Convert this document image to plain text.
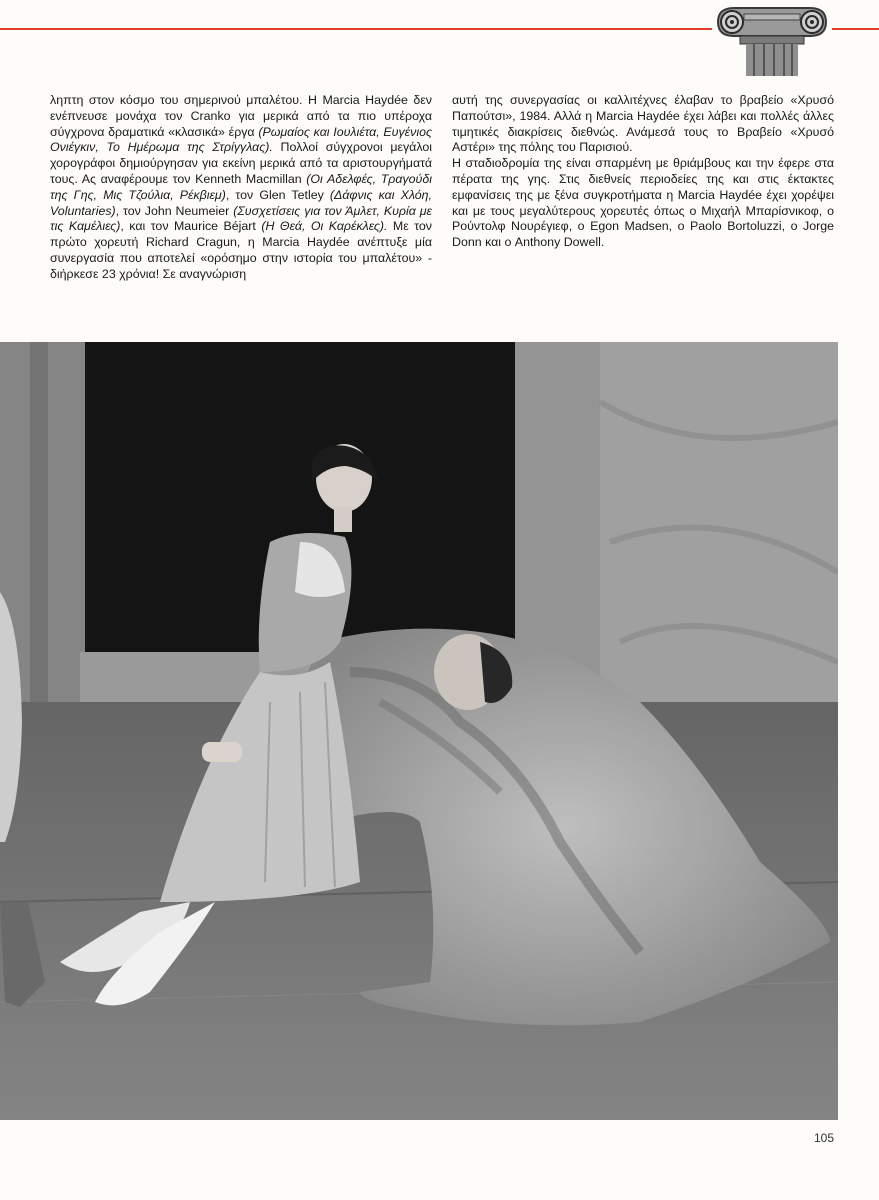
ληπτη στον κόσμο του σημερινού μπαλέτου. Η Marcia Haydée δεν ενέπνευσε μονάχα τον Cranko για μερικά από τα πιο υπέροχα σύγχρονα δραματικά «κλασικά» έργα (Ρωμαίος και Ιουλιέτα, Ευγένιος Ονιέγκιν, Το Ημέρωμα της Στρίγγλας). Πολλοί σύγχρονοι μεγάλοι χορογράφοι δημιούργησαν για εκείνη μερικά από τα αριστουργήματά τους. Ας αναφέρουμε τον Kenneth Macmillan (Οι Αδελφές, Τραγούδι της Γης, Μις Τζούλια, Ρέκβιεμ), τον Glen Tetley (Δάφνις και Χλόη, Voluntaries), τον John Neumeier (Συσχετίσεις για τον Άμλετ, Κυρία με τις Καμέλιες), και τον Maurice Béjart (Η Θεά, Οι Καρέκλες). Με τον πρώτο χορευτή Richard Cragun, η Marcia Haydée ανέπτυξε μία συνεργασία που αποτελεί «ορόσημο στην ιστορία του μπαλέτου» - διήρκεσε 23 χρόνια! Σε αναγνώριση

αυτή της συνεργασίας οι καλλιτέχνες έλαβαν το βραβείο «Χρυσό Παπούτσι», 1984. Αλλά η Marcia Haydée έχει λάβει και πολλές άλλες τιμητικές διακρίσεις διεθνώς. Ανάμεσά τους το Βραβείο «Χρυσό Αστέρι» της πόλης του Παρισιού.

Η σταδιοδρομία της είναι σπαρμένη με θριάμβους και την έφερε στα πέρατα της γης. Στις διεθνείς περιοδείες της και στις έκτακτες εμφανίσεις της με ξένα συγκροτήματα η Marcia Haydée έχει χορέψει και με τους μεγαλύτερους χορευτές όπως ο Μιχαήλ Μπαρίσνικοφ, ο Ρούντολφ Νουρέγιεφ, ο Egon Madsen, ο Paolo Bortoluzzi, ο Jorge Donn και ο Anthony Dowell.

105
